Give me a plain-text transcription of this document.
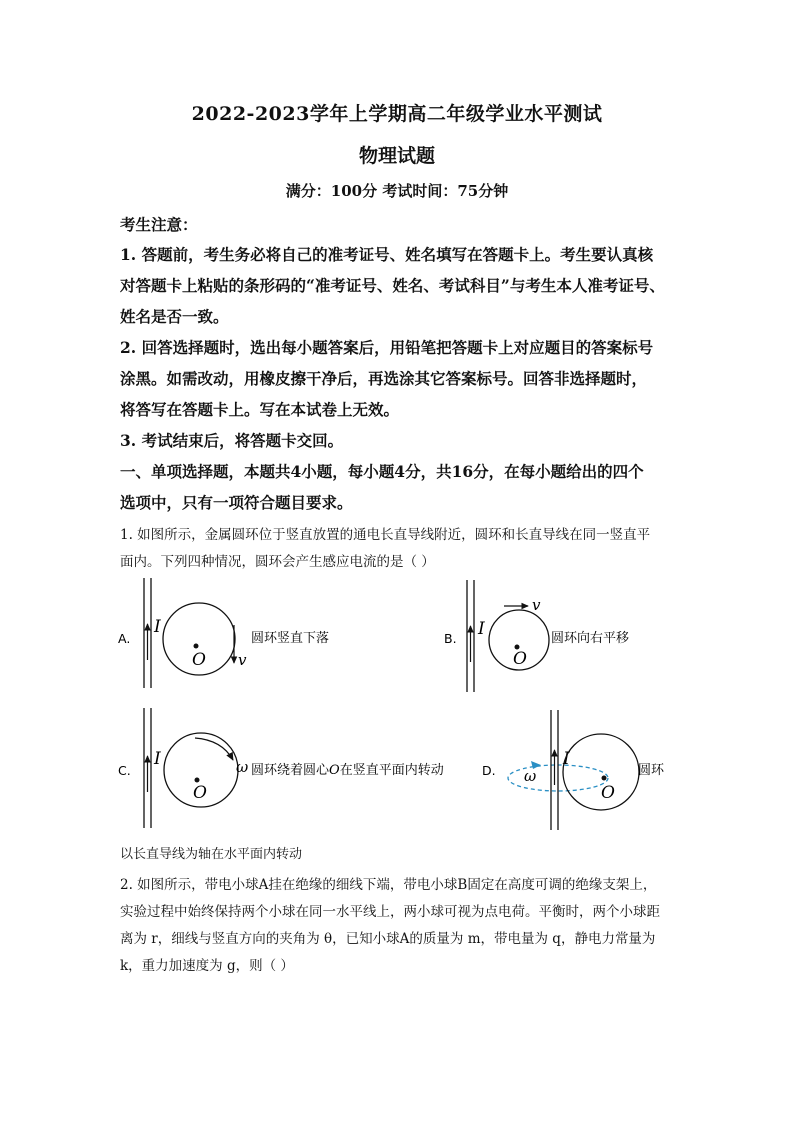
2022-2023学年上学期高二年级学业水平测试
物理试题
满分：100分 考试时间：75分钟
考生注意：
1. 答题前，考生务必将自己的准考证号、姓名填写在答题卡上。考生要认真核
对答题卡上粘贴的条形码的“准考证号、姓名、考试科目”与考生本人准考证号、
姓名是否一致。
2. 回答选择题时，选出每小题答案后，用铅笔把答题卡上对应题目的答案标号
涂黑。如需改动，用橡皮擦干净后，再选涂其它答案标号。回答非选择题时，
将答写在答题卡上。写在本试卷上无效。
3. 考试结束后，将答题卡交回。
一、单项选择题，本题共4小题，每小题4分，共16分，在每小题给出的四个
选项中，只有一项符合题目要求。
1. 如图所示，金属圆环位于竖直放置的通电长直导线附近，圆环和长直导线在同一竖直平
面内。下列四种情况，圆环会产生感应电流的是（ ）
A.
I
O v
圆环竖直下落	B. I
O
v
圆环向右平移
C.
I
O
ω 圆环绕着圆心O在竖直平面内转动	D.
I
O
ω	圆环
以长直导线为轴在水平面内转动
2. 如图所示，带电小球A挂在绝缘的细线下端，带电小球B固定在高度可调的绝缘支架上，
实验过程中始终保持两个小球在同一水平线上，两小球可视为点电荷。平衡时，两个小球距
离为 r，细线与竖直方向的夹角为 θ，已知小球A的质量为 m，带电量为 q，静电力常量为
k，重力加速度为 g，则（ ）
